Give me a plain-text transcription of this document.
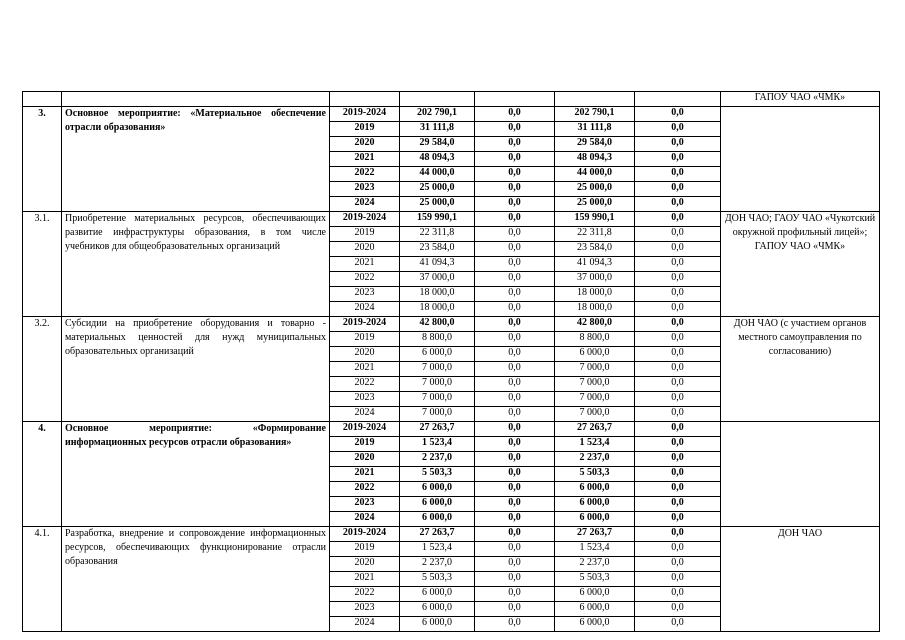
							ГАПОУ ЧАО «ЧМК»
3.	Основное мероприятие: «Материальное обеспечение отрасли образования»	2019-2024	202 790,1	0,0	202 790,1	0,0	
		2019	31 111,8	0,0	31 111,8	0,0	
		2020	29 584,0	0,0	29 584,0	0,0	
		2021	48 094,3	0,0	48 094,3	0,0	
		2022	44 000,0	0,0	44 000,0	0,0	
		2023	25 000,0	0,0	25 000,0	0,0	
		2024	25 000,0	0,0	25 000,0	0,0	
3.1.	Приобретение материальных ресурсов, обеспечивающих развитие инфраструктуры образования, в том числе учебников для общеобразовательных организаций	2019-2024	159 990,1	0,0	159 990,1	0,0	ДОН ЧАО; ГАОУ ЧАО «Чукотский окружной профильный лицей»; ГАПОУ ЧАО «ЧМК»
		2019	22 311,8	0,0	22 311,8	0,0	
		2020	23 584,0	0,0	23 584,0	0,0	
		2021	41 094,3	0,0	41 094,3	0,0	
		2022	37 000,0	0,0	37 000,0	0,0	
		2023	18 000,0	0,0	18 000,0	0,0	
		2024	18 000,0	0,0	18 000,0	0,0	
3.2.	Субсидии на приобретение оборудования и товарно - материальных ценностей для нужд муниципальных образовательных организаций	2019-2024	42 800,0	0,0	42 800,0	0,0	ДОН ЧАО (с участием органов местного самоуправления по согласованию)
		2019	8 800,0	0,0	8 800,0	0,0	
		2020	6 000,0	0,0	6 000,0	0,0	
		2021	7 000,0	0,0	7 000,0	0,0	
		2022	7 000,0	0,0	7 000,0	0,0	
		2023	7 000,0	0,0	7 000,0	0,0	
		2024	7 000,0	0,0	7 000,0	0,0	
4.	Основное мероприятие: «Формирование информационных ресурсов отрасли образования»	2019-2024	27 263,7	0,0	27 263,7	0,0	
		2019	1 523,4	0,0	1 523,4	0,0	
		2020	2 237,0	0,0	2 237,0	0,0	
		2021	5 503,3	0,0	5 503,3	0,0	
		2022	6 000,0	0,0	6 000,0	0,0	
		2023	6 000,0	0,0	6 000,0	0,0	
		2024	6 000,0	0,0	6 000,0	0,0	
4.1.	Разработка, внедрение и сопровождение информационных ресурсов, обеспечивающих функционирование отрасли образования	2019-2024	27 263,7	0,0	27 263,7	0,0	ДОН ЧАО
		2019	1 523,4	0,0	1 523,4	0,0	
		2020	2 237,0	0,0	2 237,0	0,0	
		2021	5 503,3	0,0	5 503,3	0,0	
		2022	6 000,0	0,0	6 000,0	0,0	
		2023	6 000,0	0,0	6 000,0	0,0	
		2024	6 000,0	0,0	6 000,0	0,0	
